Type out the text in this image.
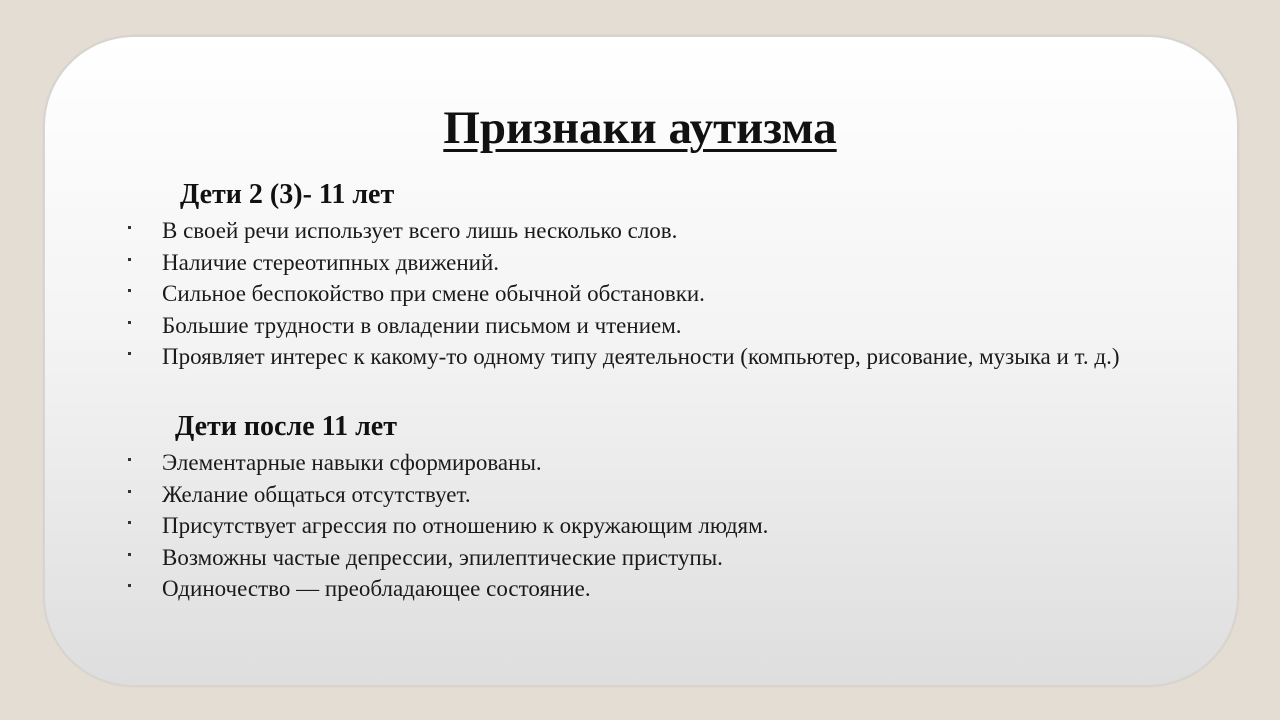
Признаки аутизма
Дети 2 (3)- 11 лет
В своей речи использует всего лишь несколько слов.
Наличие стереотипных движений.
Сильное беспокойство при смене обычной обстановки.
Большие трудности в овладении письмом и чтением.
Проявляет интерес к какому-то одному типу деятельности (компьютер, рисование, музыка и т. д.)
Дети после 11 лет
Элементарные навыки сформированы.
Желание общаться отсутствует.
Присутствует агрессия по отношению к окружающим людям.
Возможны частые депрессии, эпилептические приступы.
Одиночество — преобладающее состояние.
